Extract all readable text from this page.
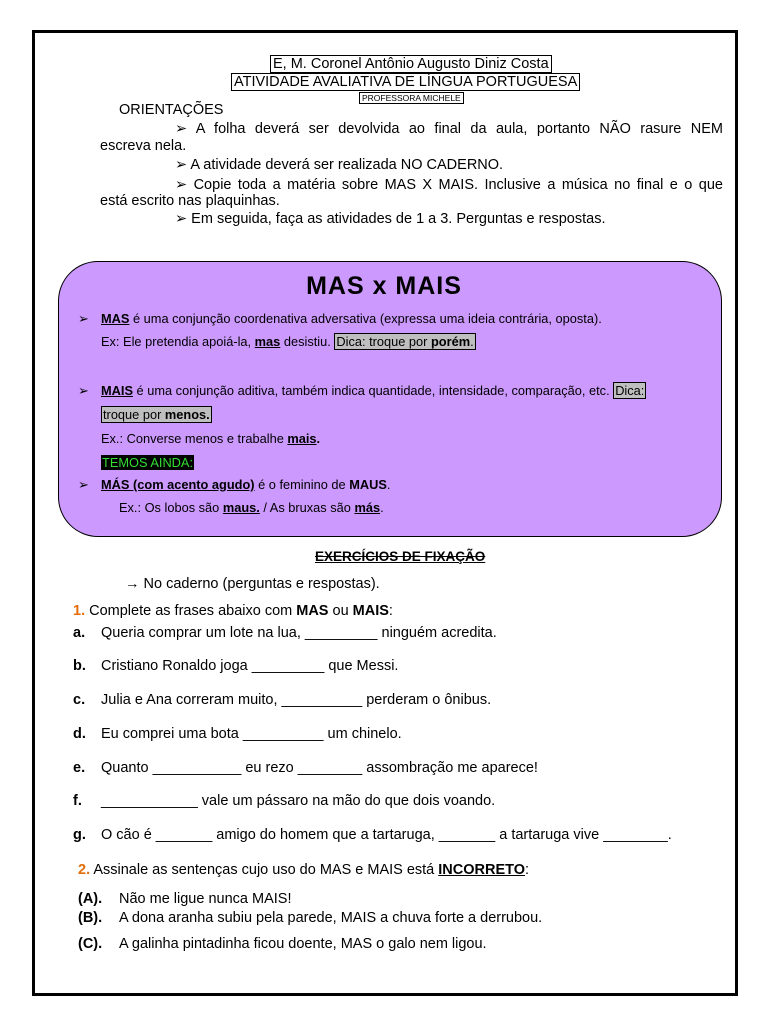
E, M. Coronel Antônio Augusto Diniz Costa
ATIVIDADE AVALIATIVA DE LÍNGUA PORTUGUESA
PROFESSORA MICHELE
ORIENTAÇÕES
➢ A folha deverá ser devolvida ao final da aula, portanto NÃO rasure NEM
escreva nela.
➢ A atividade deverá ser realizada NO CADERNO.
➢ Copie toda a matéria sobre MAS X MAIS. Inclusive a música no final e o que
está escrito nas plaquinhas.
➢ Em seguida, faça as atividades de 1 a 3. Perguntas e respostas.
MAS x MAIS
➢ MAS é uma conjunção coordenativa adversativa (expressa uma ideia contrária, oposta).
Ex: Ele pretendia apoiá-la, mas desistiu. Dica: troque por porém.
➢ MAIS é uma conjunção aditiva, também indica quantidade, intensidade, comparação, etc. Dica:
troque por menos.
Ex.: Converse menos e trabalhe mais.
TEMOS AINDA:
➢ MÁS (com acento agudo) é o feminino de MAUS.
Ex.: Os lobos são maus. / As bruxas são más.
EXERCÍCIOS DE FIXAÇÃO
→ No caderno (perguntas e respostas).
1. Complete as frases abaixo com MAS ou MAIS:
a. Queria comprar um lote na lua, _________ ninguém acredita.
b. Cristiano Ronaldo joga _________ que Messi.
c. Julia e Ana correram muito, __________ perderam o ônibus.
d. Eu comprei uma bota __________ um chinelo.
e. Quanto ___________ eu rezo ________ assombração me aparece!
f. ____________ vale um pássaro na mão do que dois voando.
g. O cão é _______ amigo do homem que a tartaruga, _______ a tartaruga vive ________.
2. Assinale as sentenças cujo uso do MAS e MAIS está INCORRETO:
(A). Não me ligue nunca MAIS!
(B). A dona aranha subiu pela parede, MAIS a chuva forte a derrubou.
(C). A galinha pintadinha ficou doente, MAS o galo nem ligou.
